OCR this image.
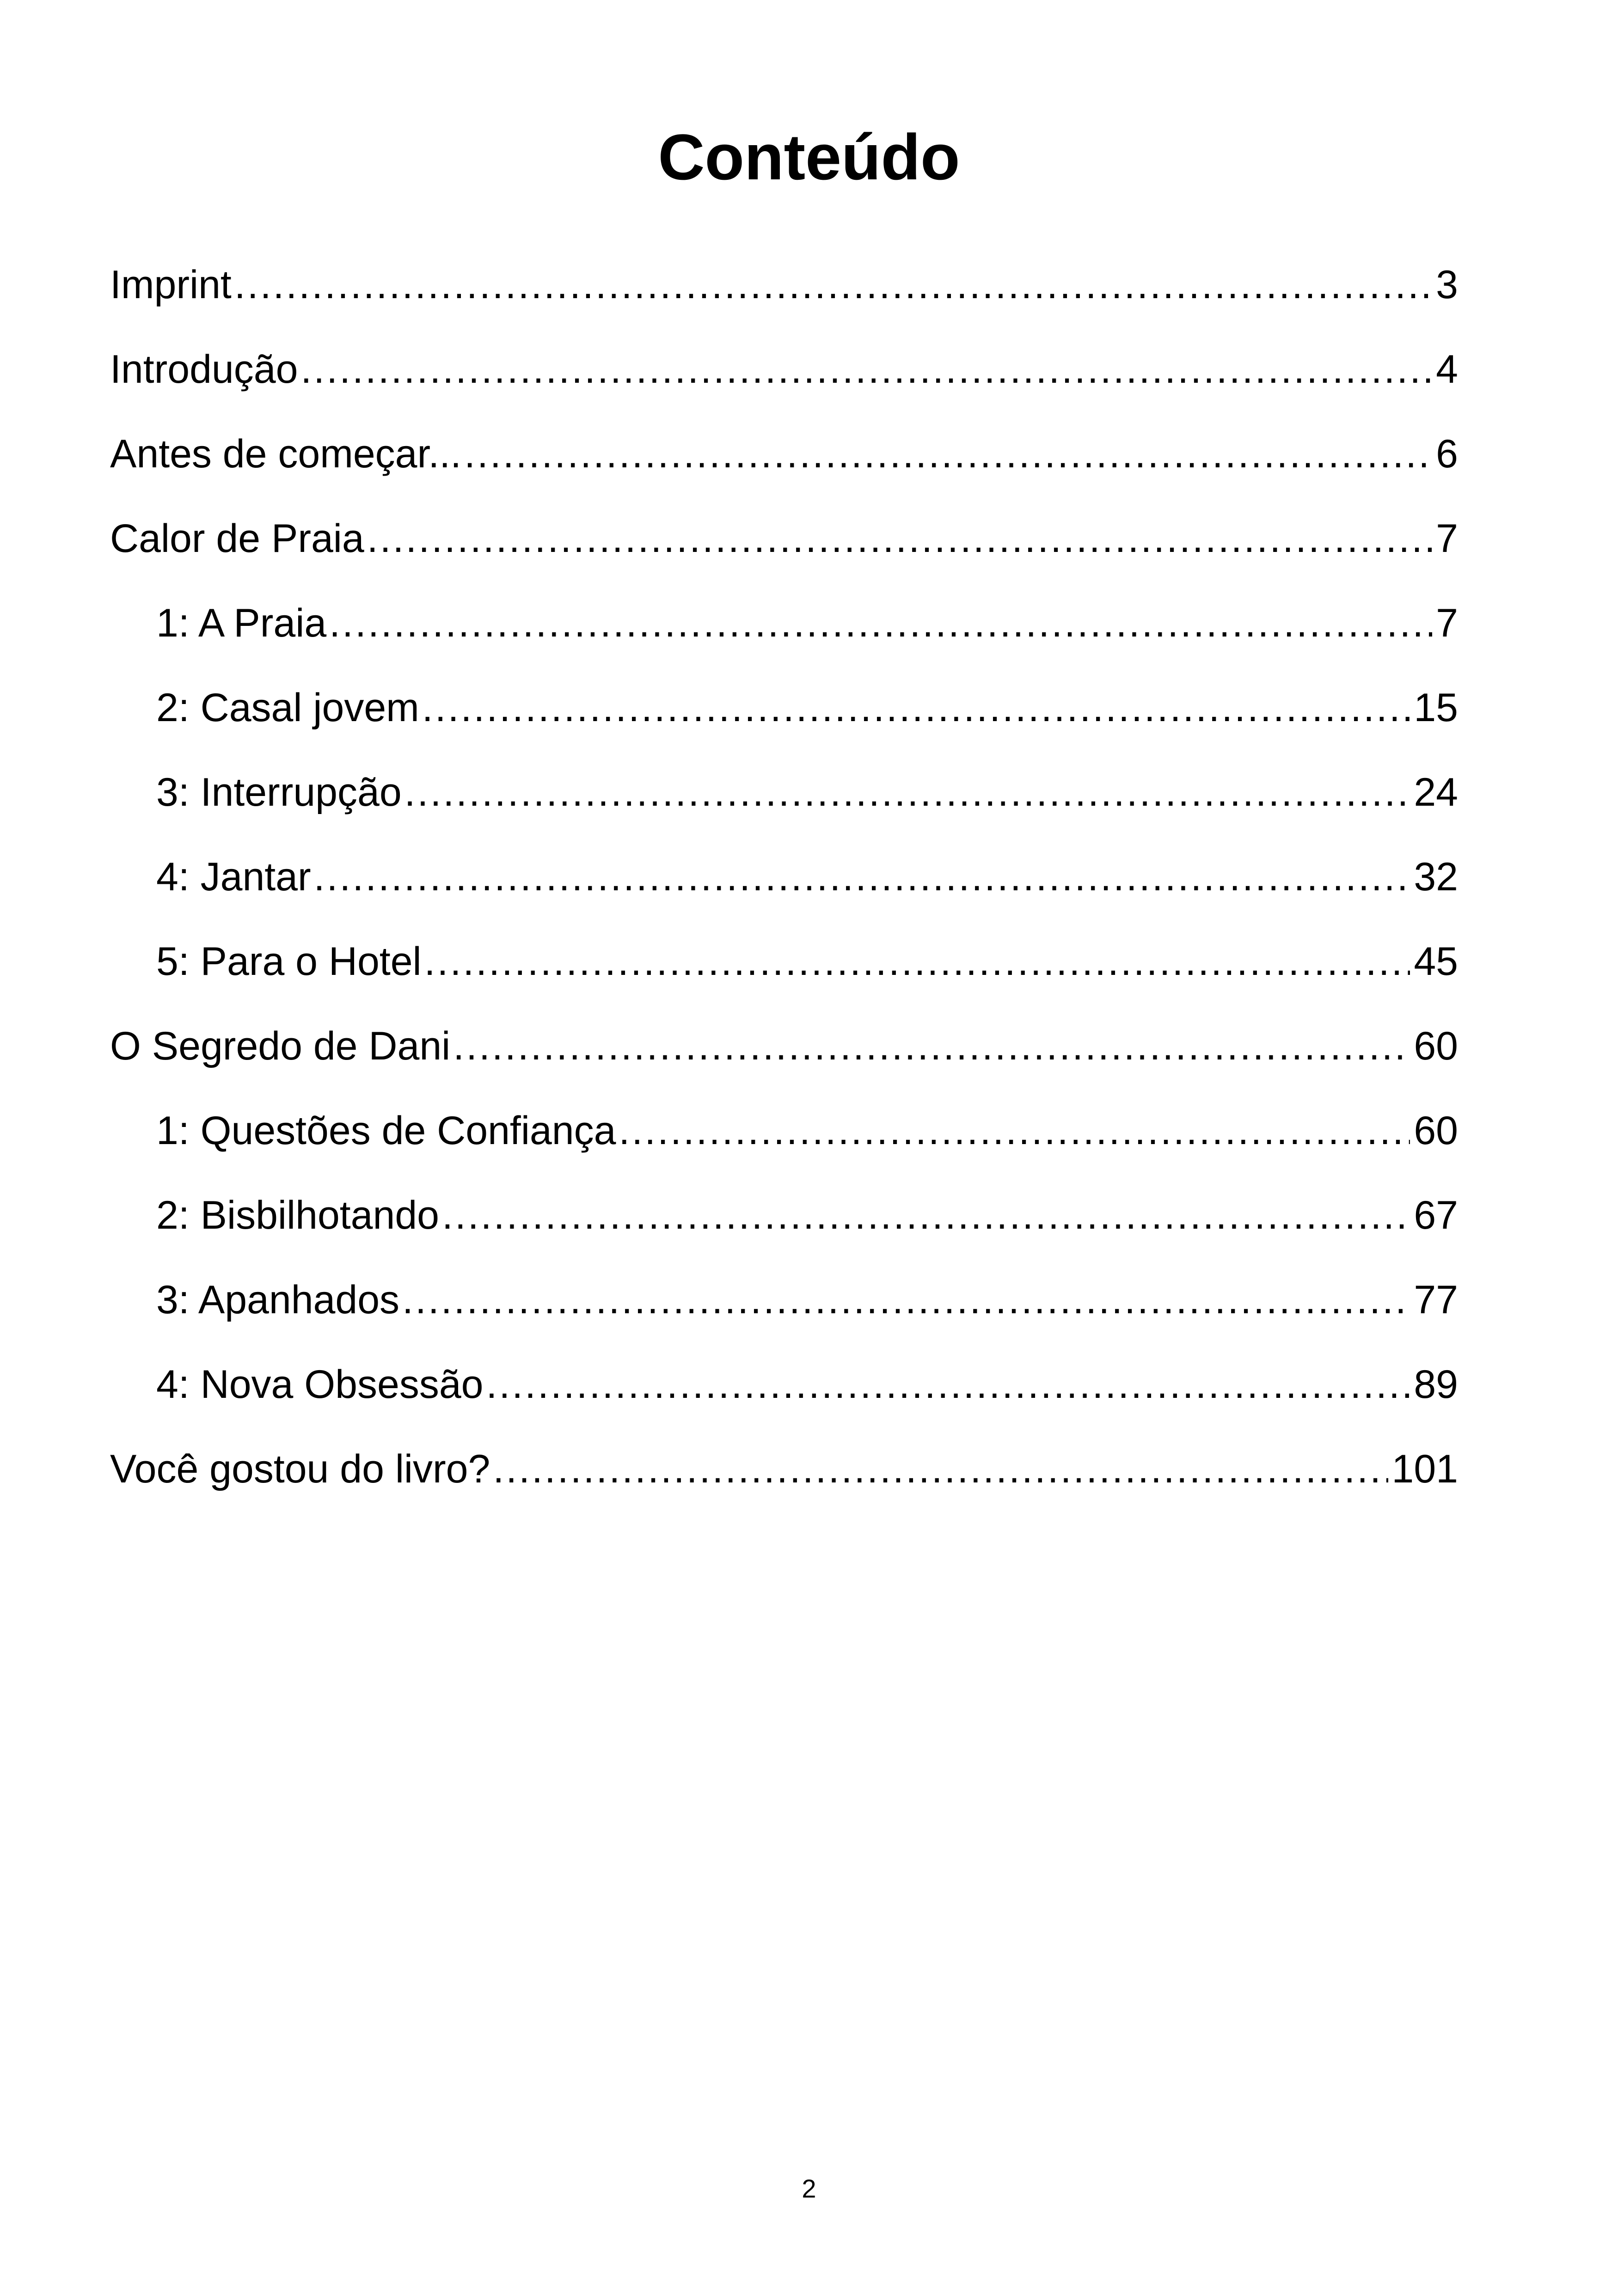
Conteúdo
Imprint .....	3
Introdução .....	4
Antes de começar... .....	6
Calor de Praia .....	7
1: A Praia .....	7
2: Casal jovem .....	15
3: Interrupção .....	24
4: Jantar .....	32
5: Para o Hotel .....	45
O Segredo de Dani .....	60
1: Questões de Confiança .....	60
2: Bisbilhotando .....	67
3: Apanhados .....	77
4: Nova Obsessão .....	89
Você gostou do livro? .....	101
2
